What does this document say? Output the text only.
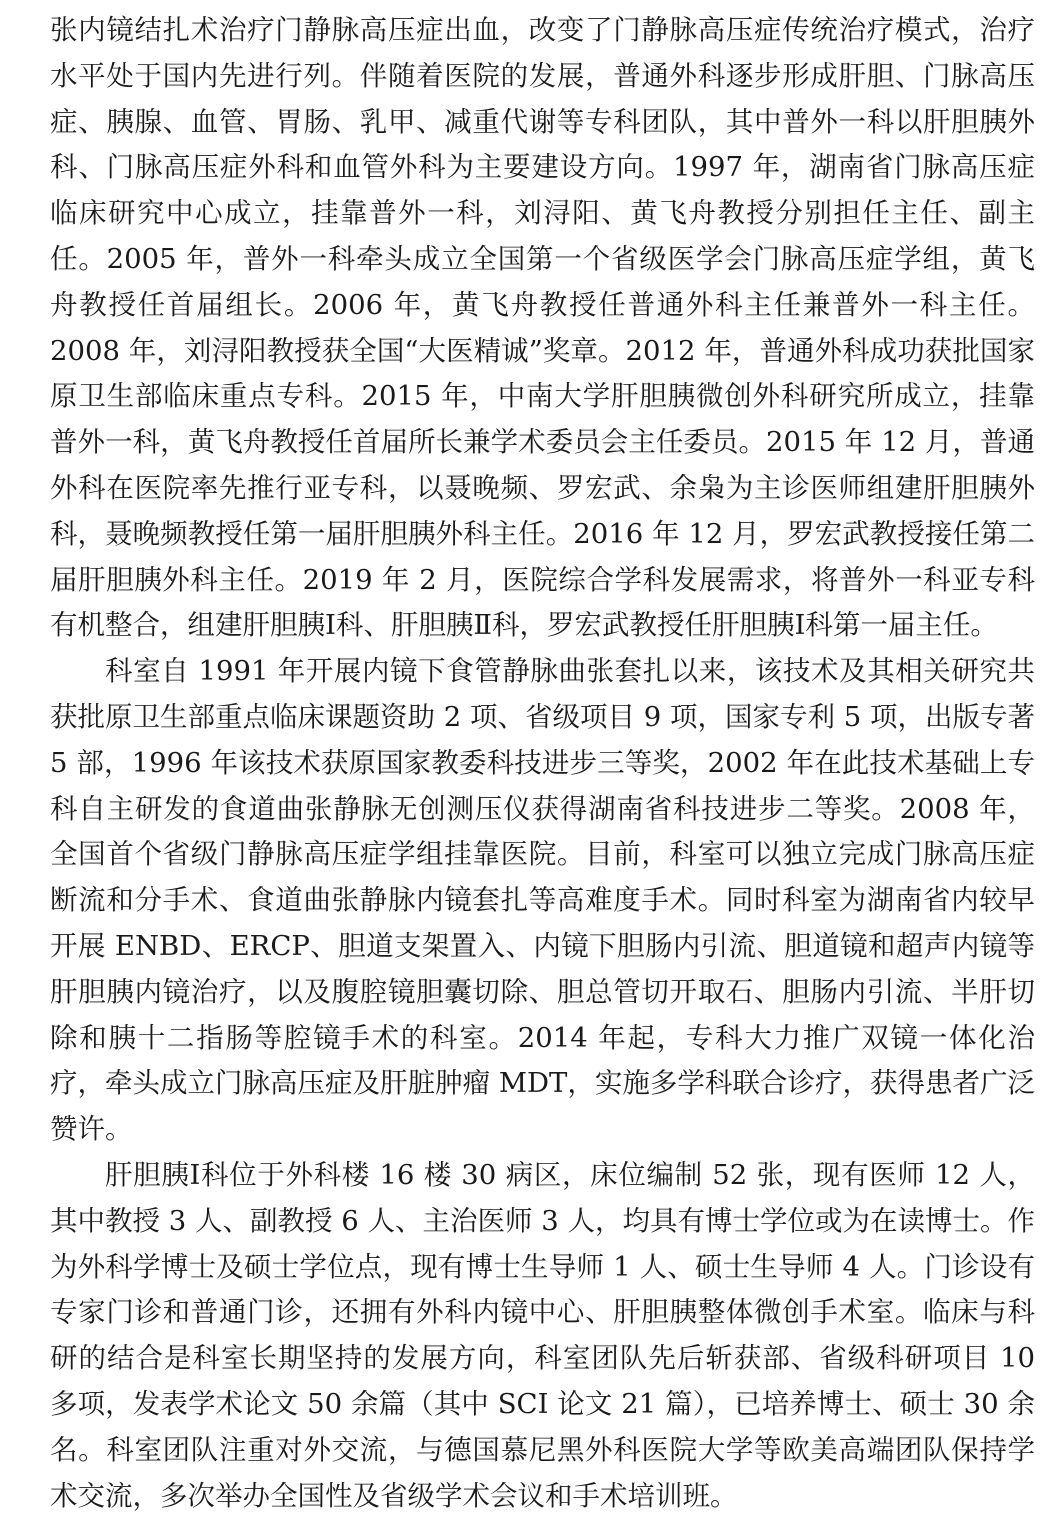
张内镜结扎术治疗门静脉高压症出血，改变了门静脉高压症传统治疗模式，治疗水平处于国内先进行列。伴随着医院的发展，普通外科逐步形成肝胆、门脉高压症、胰腺、血管、胃肠、乳甲、减重代谢等专科团队，其中普外一科以肝胆胰外科、门脉高压症外科和血管外科为主要建设方向。1997 年，湖南省门脉高压症临床研究中心成立，挂靠普外一科，刘浔阳、黄飞舟教授分别担任主任、副主任。2005 年，普外一科牵头成立全国第一个省级医学会门脉高压症学组，黄飞舟教授任首届组长。2006 年，黄飞舟教授任普通外科主任兼普外一科主任。2008 年，刘浔阳教授获全国“大医精诚”奖章。2012 年，普通外科成功获批国家原卫生部临床重点专科。2015 年，中南大学肝胆胰微创外科研究所成立，挂靠普外一科，黄飞舟教授任首届所长兼学术委员会主任委员。2015 年 12 月，普通外科在医院率先推行亚专科，以聂晚频、罗宏武、余枭为主诊医师组建肝胆胰外科，聂晚频教授任第一届肝胆胰外科主任。2016 年 12 月，罗宏武教授接任第二届肝胆胰外科主任。2019 年 2 月，医院综合学科发展需求，将普外一科亚专科有机整合，组建肝胆胰Ⅰ科、肝胆胰Ⅱ科，罗宏武教授任肝胆胰Ⅰ科第一届主任。

科室自 1991 年开展内镜下食管静脉曲张套扎以来，该技术及其相关研究共获批原卫生部重点临床课题资助 2 项、省级项目 9 项，国家专利 5 项，出版专著 5 部，1996 年该技术获原国家教委科技进步三等奖，2002 年在此技术基础上专科自主研发的食道曲张静脉无创测压仪获得湖南省科技进步二等奖。2008 年，全国首个省级门静脉高压症学组挂靠医院。目前，科室可以独立完成门脉高压症断流和分手术、食道曲张静脉内镜套扎等高难度手术。同时科室为湖南省内较早开展 ENBD、ERCP、胆道支架置入、内镜下胆肠内引流、胆道镜和超声内镜等肝胆胰内镜治疗，以及腹腔镜胆囊切除、胆总管切开取石、胆肠内引流、半肝切除和胰十二指肠等腔镜手术的科室。2014 年起，专科大力推广双镜一体化治疗，牵头成立门脉高压症及肝脏肿瘤 MDT，实施多学科联合诊疗，获得患者广泛赞许。

肝胆胰Ⅰ科位于外科楼 16 楼 30 病区，床位编制 52 张，现有医师 12 人，其中教授 3 人、副教授 6 人、主治医师 3 人，均具有博士学位或为在读博士。作为外科学博士及硕士学位点，现有博士生导师 1 人、硕士生导师 4 人。门诊设有专家门诊和普通门诊，还拥有外科内镜中心、肝胆胰整体微创手术室。临床与科研的结合是科室长期坚持的发展方向，科室团队先后斩获部、省级科研项目 10 多项，发表学术论文 50 余篇（其中 SCI 论文 21 篇），已培养博士、硕士 30 余名。科室团队注重对外交流，与德国慕尼黑外科医院大学等欧美高端团队保持学术交流，多次举办全国性及省级学术会议和手术培训班。
